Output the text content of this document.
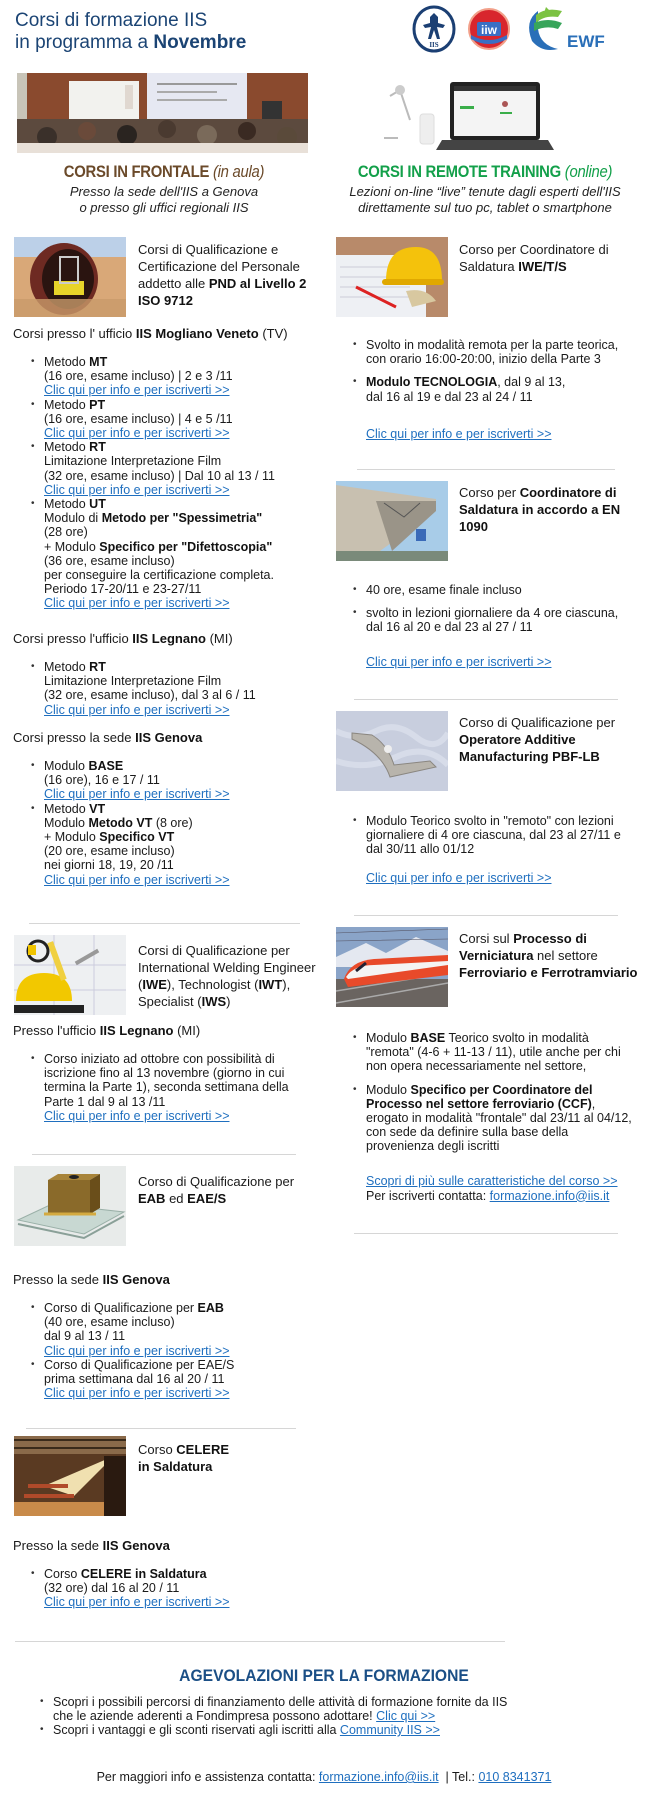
Corsi di formazione IIS
in programma a Novembre	IIS
iiw
EWF
CORSI IN FRONTALE (in aula)
Presso la sede dell'IIS a Genova
o presso gli uffici regionali IIS
CORSI IN REMOTE TRAINING (online)
Lezioni on-line “live” tenute dagli esperti dell'IIS
direttamente sul tuo pc, tablet o smartphone
Corsi di Qualificazione e Certificazione del Personale addetto alle PND al Livello 2 ISO 9712
Corsi presso l' ufficio IIS Mogliano Veneto (TV)
• Metodo MT
(16 ore, esame incluso) | 2 e 3 /11
Clic qui per info e per iscriverti >>
• Metodo PT
(16 ore, esame incluso) | 4 e 5 /11
Clic qui per info e per iscriverti >>
• Metodo RT
Limitazione Interpretazione Film
(32 ore, esame incluso) | Dal 10 al 13 / 11
Clic qui per info e per iscriverti >>
• Metodo UT
Modulo di Metodo per "Spessimetria"
(28 ore)
+ Modulo Specifico per "Difettoscopia"
(36 ore, esame incluso)
per conseguire la certificazione completa.
Periodo 17-20/11 e 23-27/11
Clic qui per info e per iscriverti >>
Corsi presso l'ufficio IIS Legnano (MI)
• Metodo RT
Limitazione Interpretazione Film
(32 ore, esame incluso), dal 3 al 6 / 11
Clic qui per info e per iscriverti >>
Corsi presso la sede IIS Genova
• Modulo BASE
(16 ore), 16 e 17 / 11
Clic qui per info e per iscriverti >>
• Metodo VT
Modulo Metodo VT (8 ore)
+ Modulo Specifico VT
(20 ore, esame incluso)
nei giorni 18, 19, 20 /11
Clic qui per info e per iscriverti >>
Corsi di Qualificazione per International Welding Engineer (IWE), Technologist (IWT), Specialist (IWS)
Presso l'ufficio IIS Legnano (MI)
• Corso iniziato ad ottobre con possibilità di iscrizione fino al 13 novembre (giorno in cui termina la Parte 1), seconda settimana della Parte 1 dal 9 al 13 /11
Clic qui per info e per iscriverti >>
Corso di Qualificazione per
EAB ed EAE/S
Presso la sede IIS Genova
• Corso di Qualificazione per EAB
(40 ore, esame incluso)
dal 9 al 13 / 11
Clic qui per info e per iscriverti >>
• Corso di Qualificazione per EAE/S
prima settimana dal 16 al 20 / 11
Clic qui per info e per iscriverti >>
Corso CELERE
in Saldatura
Presso la sede IIS Genova
• Corso CELERE in Saldatura
(32 ore) dal 16 al 20 / 11
Clic qui per info e per iscriverti >>
Corso per Coordinatore di Saldatura IWE/T/S
• Svolto in modalità remota per la parte teorica, con orario 16:00-20:00, inizio della Parte 3
• Modulo TECNOLOGIA, dal 9 al 13,
dal 16 al 19 e dal 23 al 24 / 11
Clic qui per info e per iscriverti >>
Corso per Coordinatore di Saldatura in accordo a EN 1090
• 40 ore, esame finale incluso
• svolto in lezioni giornaliere da 4 ore ciascuna,
dal 16 al 20 e dal 23 al 27 / 11
Clic qui per info e per iscriverti >>
Corso di Qualificazione per
Operatore Additive Manufacturing PBF-LB
• Modulo Teorico svolto in "remoto" con lezioni giornaliere di 4 ore ciascuna, dal 23 al 27/11 e dal 30/11 allo 01/12
Clic qui per info e per iscriverti >>
Corsi sul Processo di Verniciatura nel settore Ferroviario e Ferrotramviario
• Modulo BASE Teorico svolto in modalità "remota" (4-6 + 11-13 / 11), utile anche per chi non opera necessariamente nel settore,
• Modulo Specifico per Coordinatore del Processo nel settore ferroviario (CCF), erogato in modalità "frontale" dal 23/11 al 04/12, con sede da definire sulla base della provenienza degli iscritti
Scopri di più sulle caratteristiche del corso >>
Per iscriverti contatta: formazione.info@iis.it
AGEVOLAZIONI PER LA FORMAZIONE
• Scopri i possibili percorsi di finanziamento delle attività di formazione fornite da IIS
che le aziende aderenti a Fondimpresa possono adottare! Clic qui >>
• Scopri i vantaggi e gli sconti riservati agli iscritti alla Community IIS >>
Per maggiori info e assistenza contatta: formazione.info@iis.it  | Tel.: 010 8341371
